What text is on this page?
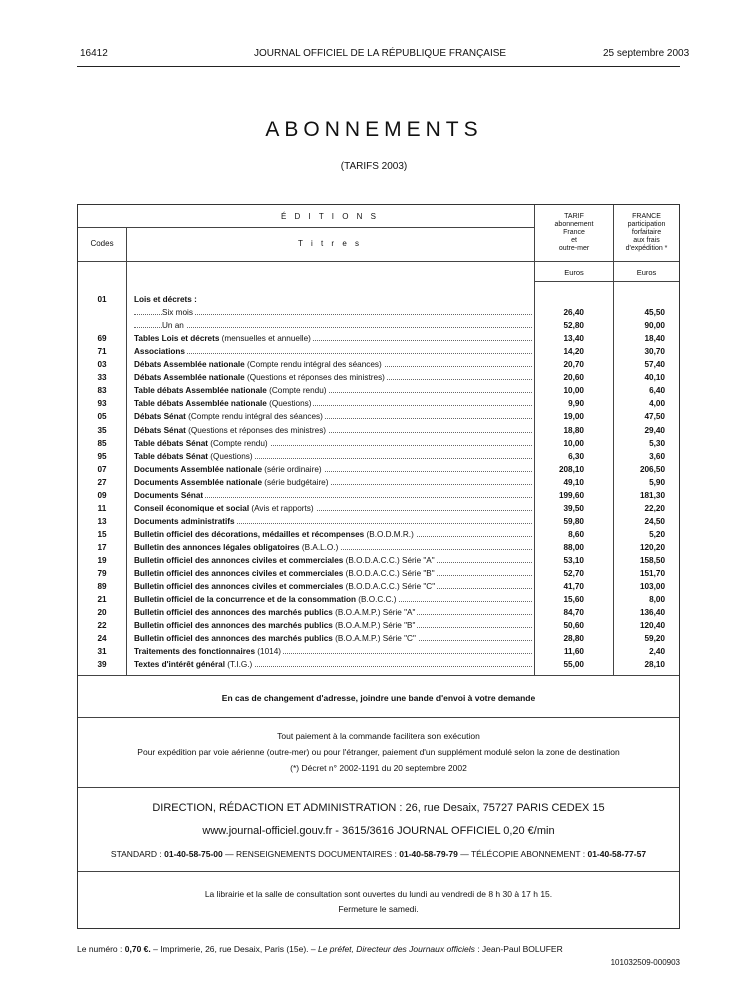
16412	JOURNAL OFFICIEL DE LA RÉPUBLIQUE FRANÇAISE	25 septembre 2003
ABONNEMENTS
(TARIFS 2003)
É D I T I O N S
Codes	T i t r e s
TARIF
abonnement
France
et
outre-mer
FRANCE
participation
forfaitaire
aux frais
d'expédition *
Euros	Euros
01	Lois et décrets :
Six mois	26,40	45,50
Un an	52,80	90,00
69	Tables Lois et décrets (mensuelles et annuelle)	13,40	18,40
71	Associations	14,20	30,70
03	Débats Assemblée nationale (Compte rendu intégral des séances)	20,70	57,40
33	Débats Assemblée nationale (Questions et réponses des ministres)	20,60	40,10
83	Table débats Assemblée nationale (Compte rendu)	10,00	6,40
93	Table débats Assemblée nationale (Questions)	9,90	4,00
05	Débats Sénat (Compte rendu intégral des séances)	19,00	47,50
35	Débats Sénat (Questions et réponses des ministres)	18,80	29,40
85	Table débats Sénat (Compte rendu)	10,00	5,30
95	Table débats Sénat (Questions)	6,30	3,60
07	Documents Assemblée nationale (série ordinaire)	208,10	206,50
27	Documents Assemblée nationale (série budgétaire)	49,10	5,90
09	Documents Sénat	199,60	181,30
11	Conseil économique et social (Avis et rapports)	39,50	22,20
13	Documents administratifs	59,80	24,50
15	Bulletin officiel des décorations, médailles et récompenses (B.O.D.M.R.)	8,60	5,20
17	Bulletin des annonces légales obligatoires (B.A.L.O.)	88,00	120,20
19	Bulletin officiel des annonces civiles et commerciales (B.O.D.A.C.C.) Série "A"	53,10	158,50
79	Bulletin officiel des annonces civiles et commerciales (B.O.D.A.C.C.) Série "B"	52,70	151,70
89	Bulletin officiel des annonces civiles et commerciales (B.O.D.A.C.C.) Série "C"	41,70	103,00
21	Bulletin officiel de la concurrence et de la consommation (B.O.C.C.)	15,60	8,00
20	Bulletin officiel des annonces des marchés publics (B.O.A.M.P.) Série "A"	84,70	136,40
22	Bulletin officiel des annonces des marchés publics (B.O.A.M.P.) Série "B"	50,60	120,40
24	Bulletin officiel des annonces des marchés publics (B.O.A.M.P.) Série "C"	28,80	59,20
31	Traitements des fonctionnaires (1014)	11,60	2,40
39	Textes d'intérêt général (T.I.G.)	55,00	28,10
En cas de changement d'adresse, joindre une bande d'envoi à votre demande
Tout paiement à la commande facilitera son exécution
Pour expédition par voie aérienne (outre-mer) ou pour l'étranger, paiement d'un supplément modulé selon la zone de destination
(*) Décret n° 2002-1191 du 20 septembre 2002
DIRECTION, RÉDACTION ET ADMINISTRATION : 26, rue Desaix, 75727 PARIS CEDEX 15
www.journal-officiel.gouv.fr - 3615/3616 JOURNAL OFFICIEL 0,20 €/min
STANDARD : 01-40-58-75-00 — RENSEIGNEMENTS DOCUMENTAIRES : 01-40-58-79-79 — TÉLÉCOPIE ABONNEMENT : 01-40-58-77-57
La librairie et la salle de consultation sont ouvertes du lundi au vendredi de 8 h 30 à 17 h 15.
Fermeture le samedi.
Le numéro : 0,70 €. – Imprimerie, 26, rue Desaix, Paris (15e). – Le préfet, Directeur des Journaux officiels : Jean-Paul BOLUFER
101032509-000903
